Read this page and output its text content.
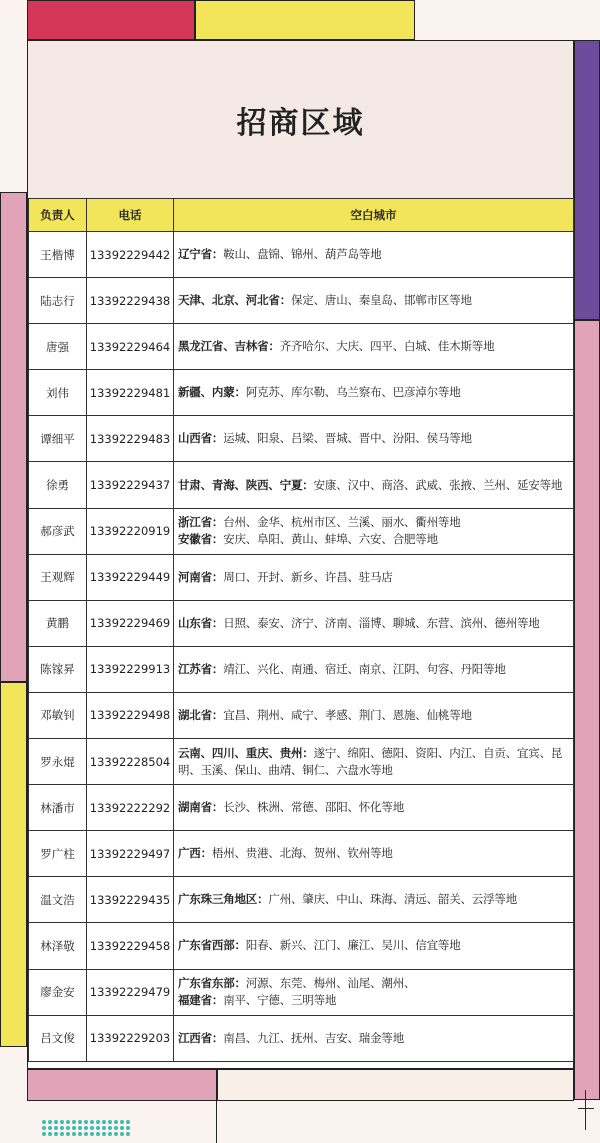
招商区域
负责人	电话	空白城市
王楷博	13392229442	辽宁省：鞍山、盘锦、锦州、葫芦岛等地
陆志行	13392229438	天津、北京、河北省：保定、唐山、秦皇岛、邯郸市区等地
唐强	13392229464	黑龙江省、吉林省：齐齐哈尔、大庆、四平、白城、佳木斯等地
刘伟	13392229481	新疆、内蒙：阿克苏、库尔勒、乌兰察布、巴彦淖尔等地
谭细平	13392229483	山西省：运城、阳泉、吕梁、晋城、晋中、汾阳、侯马等地
徐勇	13392229437	甘肃、青海、陕西、宁夏：安康、汉中、商洛、武威、张掖、兰州、延安等地
郝彦武	13392220919	浙江省：台州、金华、杭州市区、兰溪、丽水、衢州等地
安徽省：安庆、阜阳、黄山、蚌埠、六安、合肥等地

王观辉	13392229449	河南省：周口、开封、新乡、许昌、驻马店
黄鹏	13392229469	山东省：日照、泰安、济宁、济南、淄博、聊城、东营、滨州、德州等地
陈镓昇	13392229913	江苏省：靖江、兴化、南通、宿迁、南京、江阴、句容、丹阳等地
邓敏钊	13392229498	湖北省：宜昌、荆州、咸宁、孝感、荆门、恩施、仙桃等地
罗永焜	13392228504	云南、四川、重庆、贵州：遂宁、绵阳、德阳、资阳、内江、自贡、宜宾、昆明、玉溪、保山、曲靖、铜仁、六盘水等地
林潘市	13392222292	湖南省：长沙、株洲、常德、邵阳、怀化等地
罗广柱	13392229497	广西：梧州、贵港、北海、贺州、钦州等地
温文浩	13392229435	广东珠三角地区：广州、肇庆、中山、珠海、清远、韶关、云浮等地
林泽敬	13392229458	广东省西部：阳春、新兴、江门、廉江、吴川、信宜等地
廖金安	13392229479	广东省东部：河源、东莞、梅州、汕尾、潮州、
福建省：南平、宁德、三明等地

吕文俊	13392229203	江西省：南昌、九江、抚州、吉安、瑞金等地
